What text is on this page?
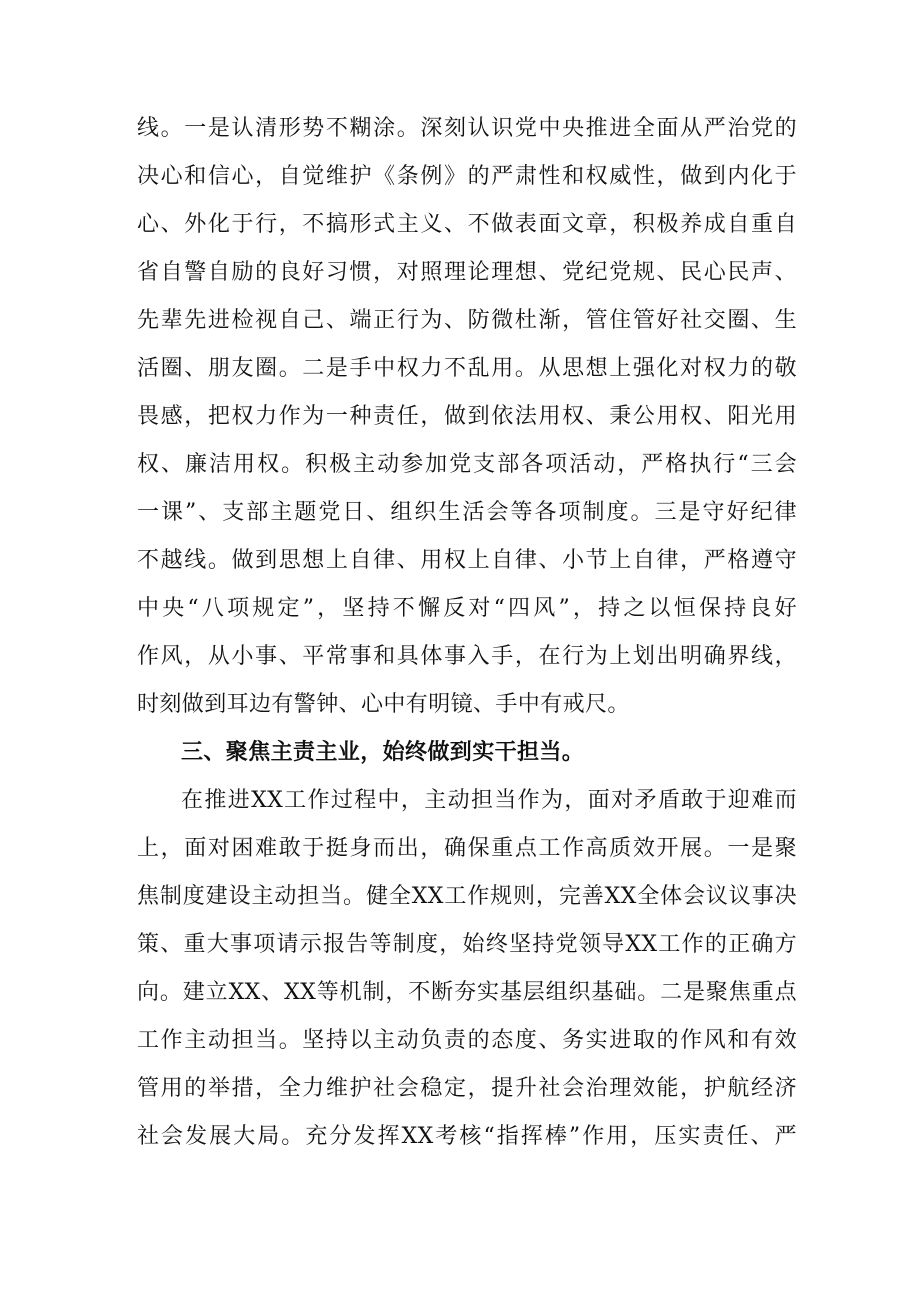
线。一是认清形势不糊涂。深刻认识党中央推进全面从严治党的
决心和信心，自觉维护《条例》的严肃性和权威性，做到内化于
心、外化于行，不搞形式主义、不做表面文章，积极养成自重自
省自警自励的良好习惯，对照理论理想、党纪党规、民心民声、
先辈先进检视自己、端正行为、防微杜渐，管住管好社交圈、生
活圈、朋友圈。二是手中权力不乱用。从思想上强化对权力的敬
畏感，把权力作为一种责任，做到依法用权、秉公用权、阳光用
权、廉洁用权。积极主动参加党支部各项活动，严格执行“三会
一课”、支部主题党日、组织生活会等各项制度。三是守好纪律
不越线。做到思想上自律、用权上自律、小节上自律，严格遵守
中央“八项规定”，坚持不懈反对“四风”，持之以恒保持良好
作风，从小事、平常事和具体事入手，在行为上划出明确界线，
时刻做到耳边有警钟、心中有明镜、手中有戒尺。
三、聚焦主责主业，始终做到实干担当。
在推进XX工作过程中，主动担当作为，面对矛盾敢于迎难而
上，面对困难敢于挺身而出，确保重点工作高质效开展。一是聚
焦制度建设主动担当。健全XX工作规则，完善XX全体会议议事决
策、重大事项请示报告等制度，始终坚持党领导XX工作的正确方
向。建立XX、XX等机制，不断夯实基层组织基础。二是聚焦重点
工作主动担当。坚持以主动负责的态度、务实进取的作风和有效
管用的举措，全力维护社会稳定，提升社会治理效能，护航经济
社会发展大局。充分发挥XX考核“指挥棒”作用，压实责任、严
